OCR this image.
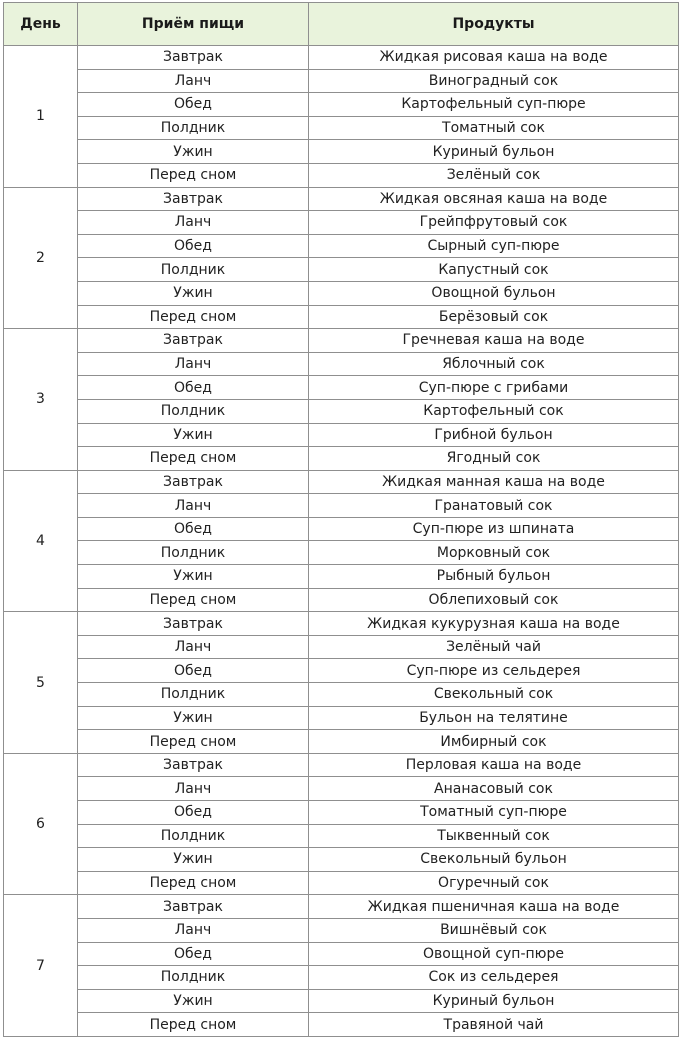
День	Приём пищи	Продукты
1	Завтрак	Жидкая рисовая каша на воде
	Ланч	Виноградный сок
	Обед	Картофельный суп-пюре
	Полдник	Томатный сок
	Ужин	Куриный бульон
	Перед сном	Зелёный сок
2	Завтрак	Жидкая овсяная каша на воде
	Ланч	Грейпфрутовый сок
	Обед	Сырный суп-пюре
	Полдник	Капустный сок
	Ужин	Овощной бульон
	Перед сном	Берёзовый сок
3	Завтрак	Гречневая каша на воде
	Ланч	Яблочный сок
	Обед	Суп-пюре с грибами
	Полдник	Картофельный сок
	Ужин	Грибной бульон
	Перед сном	Ягодный сок
4	Завтрак	Жидкая манная каша на воде
	Ланч	Гранатовый сок
	Обед	Суп-пюре из шпината
	Полдник	Морковный сок
	Ужин	Рыбный бульон
	Перед сном	Облепиховый сок
5	Завтрак	Жидкая кукурузная каша на воде
	Ланч	Зелёный чай
	Обед	Суп-пюре из сельдерея
	Полдник	Свекольный сок
	Ужин	Бульон на телятине
	Перед сном	Имбирный сок
6	Завтрак	Перловая каша на воде
	Ланч	Ананасовый сок
	Обед	Томатный суп-пюре
	Полдник	Тыквенный сок
	Ужин	Свекольный бульон
	Перед сном	Огуречный сок
7	Завтрак	Жидкая пшеничная каша на воде
	Ланч	Вишнёвый сок
	Обед	Овощной суп-пюре
	Полдник	Сок из сельдерея
	Ужин	Куриный бульон
	Перед сном	Травяной чай
